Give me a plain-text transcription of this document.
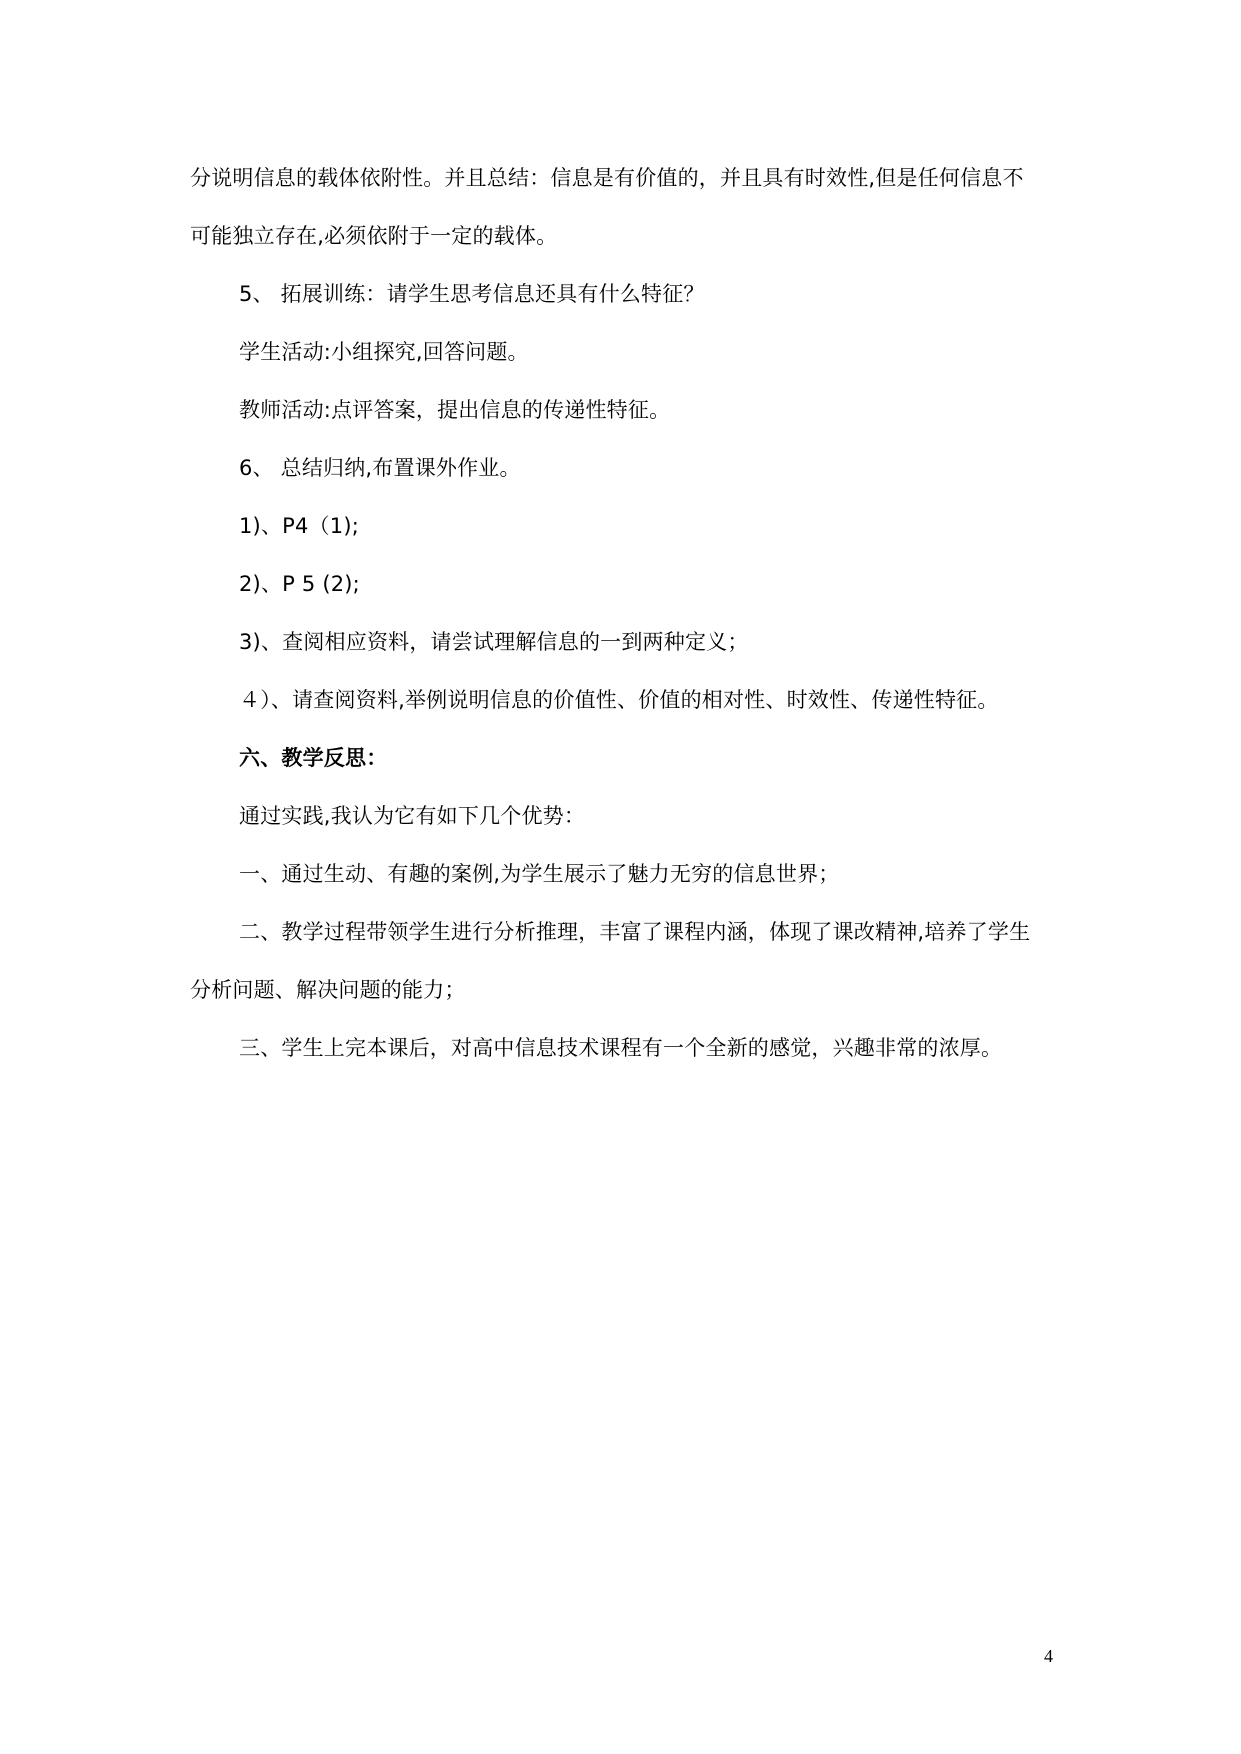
分说明信息的载体依附性。并且总结：信息是有价值的，并且具有时效性,但是任何信息不
可能独立存在,必须依附于一定的载体。
5、 拓展训练：请学生思考信息还具有什么特征？
学生活动:小组探究,回答问题。
教师活动:点评答案，提出信息的传递性特征。
6、 总结归纳,布置课外作业。
1)、P4（1);
2)、P 5 (2);
3)、查阅相应资料，请尝试理解信息的一到两种定义；
４）、请查阅资料,举例说明信息的价值性、价值的相对性、时效性、传递性特征。
六、教学反思：
通过实践,我认为它有如下几个优势：
一、通过生动、有趣的案例,为学生展示了魅力无穷的信息世界；
二、教学过程带领学生进行分析推理，丰富了课程内涵，体现了课改精神,培养了学生
分析问题、解决问题的能力；
三、学生上完本课后，对高中信息技术课程有一个全新的感觉，兴趣非常的浓厚。
4
